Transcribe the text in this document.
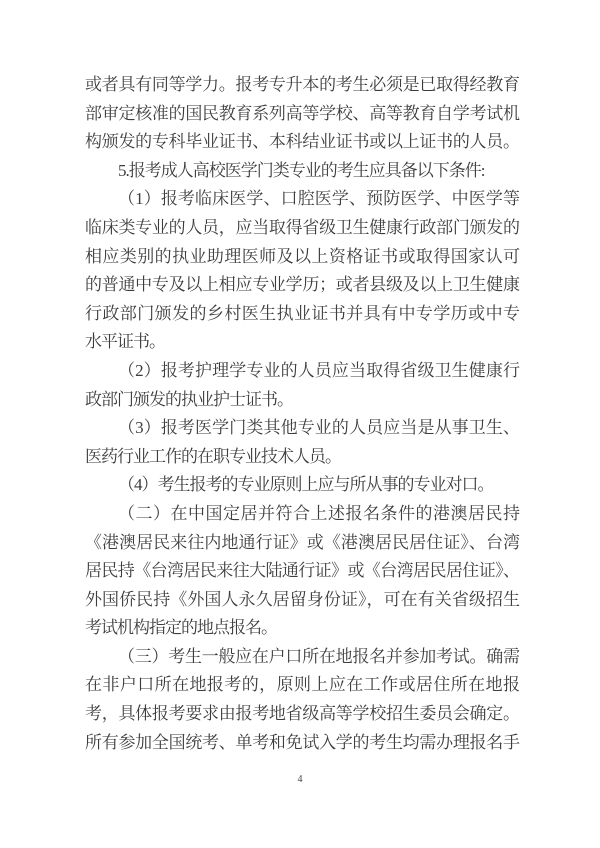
或者具有同等学力。报考专升本的考生必须是已取得经教育
部审定核准的国民教育系列高等学校、高等教育自学考试机
构颁发的专科毕业证书、本科结业证书或以上证书的人员。
5.报考成人高校医学门类专业的考生应具备以下条件:
（1）报考临床医学、口腔医学、预防医学、中医学等
临床类专业的人员，应当取得省级卫生健康行政部门颁发的
相应类别的执业助理医师及以上资格证书或取得国家认可
的普通中专及以上相应专业学历；或者县级及以上卫生健康
行政部门颁发的乡村医生执业证书并具有中专学历或中专
水平证书。
（2）报考护理学专业的人员应当取得省级卫生健康行
政部门颁发的执业护士证书。
（3）报考医学门类其他专业的人员应当是从事卫生、
医药行业工作的在职专业技术人员。
（4）考生报考的专业原则上应与所从事的专业对口。
（二）在中国定居并符合上述报名条件的港澳居民持
《港澳居民来往内地通行证》或《港澳居民居住证》、台湾
居民持《台湾居民来往大陆通行证》或《台湾居民居住证》、
外国侨民持《外国人永久居留身份证》，可在有关省级招生
考试机构指定的地点报名。
（三）考生一般应在户口所在地报名并参加考试。确需
在非户口所在地报考的，原则上应在工作或居住所在地报
考，具体报考要求由报考地省级高等学校招生委员会确定。
所有参加全国统考、单考和免试入学的考生均需办理报名手
4
